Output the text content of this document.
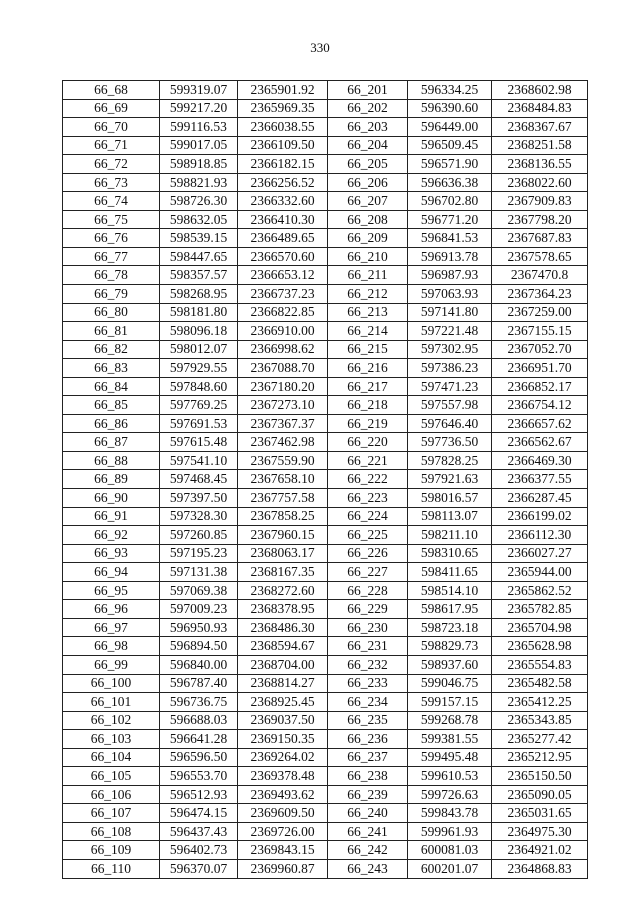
330
66_68	599319.07	2365901.92	66_201	596334.25	2368602.98
66_69	599217.20	2365969.35	66_202	596390.60	2368484.83
66_70	599116.53	2366038.55	66_203	596449.00	2368367.67
66_71	599017.05	2366109.50	66_204	596509.45	2368251.58
66_72	598918.85	2366182.15	66_205	596571.90	2368136.55
66_73	598821.93	2366256.52	66_206	596636.38	2368022.60
66_74	598726.30	2366332.60	66_207	596702.80	2367909.83
66_75	598632.05	2366410.30	66_208	596771.20	2367798.20
66_76	598539.15	2366489.65	66_209	596841.53	2367687.83
66_77	598447.65	2366570.60	66_210	596913.78	2367578.65
66_78	598357.57	2366653.12	66_211	596987.93	2367470.8
66_79	598268.95	2366737.23	66_212	597063.93	2367364.23
66_80	598181.80	2366822.85	66_213	597141.80	2367259.00
66_81	598096.18	2366910.00	66_214	597221.48	2367155.15
66_82	598012.07	2366998.62	66_215	597302.95	2367052.70
66_83	597929.55	2367088.70	66_216	597386.23	2366951.70
66_84	597848.60	2367180.20	66_217	597471.23	2366852.17
66_85	597769.25	2367273.10	66_218	597557.98	2366754.12
66_86	597691.53	2367367.37	66_219	597646.40	2366657.62
66_87	597615.48	2367462.98	66_220	597736.50	2366562.67
66_88	597541.10	2367559.90	66_221	597828.25	2366469.30
66_89	597468.45	2367658.10	66_222	597921.63	2366377.55
66_90	597397.50	2367757.58	66_223	598016.57	2366287.45
66_91	597328.30	2367858.25	66_224	598113.07	2366199.02
66_92	597260.85	2367960.15	66_225	598211.10	2366112.30
66_93	597195.23	2368063.17	66_226	598310.65	2366027.27
66_94	597131.38	2368167.35	66_227	598411.65	2365944.00
66_95	597069.38	2368272.60	66_228	598514.10	2365862.52
66_96	597009.23	2368378.95	66_229	598617.95	2365782.85
66_97	596950.93	2368486.30	66_230	598723.18	2365704.98
66_98	596894.50	2368594.67	66_231	598829.73	2365628.98
66_99	596840.00	2368704.00	66_232	598937.60	2365554.83
66_100	596787.40	2368814.27	66_233	599046.75	2365482.58
66_101	596736.75	2368925.45	66_234	599157.15	2365412.25
66_102	596688.03	2369037.50	66_235	599268.78	2365343.85
66_103	596641.28	2369150.35	66_236	599381.55	2365277.42
66_104	596596.50	2369264.02	66_237	599495.48	2365212.95
66_105	596553.70	2369378.48	66_238	599610.53	2365150.50
66_106	596512.93	2369493.62	66_239	599726.63	2365090.05
66_107	596474.15	2369609.50	66_240	599843.78	2365031.65
66_108	596437.43	2369726.00	66_241	599961.93	2364975.30
66_109	596402.73	2369843.15	66_242	600081.03	2364921.02
66_110	596370.07	2369960.87	66_243	600201.07	2364868.83
